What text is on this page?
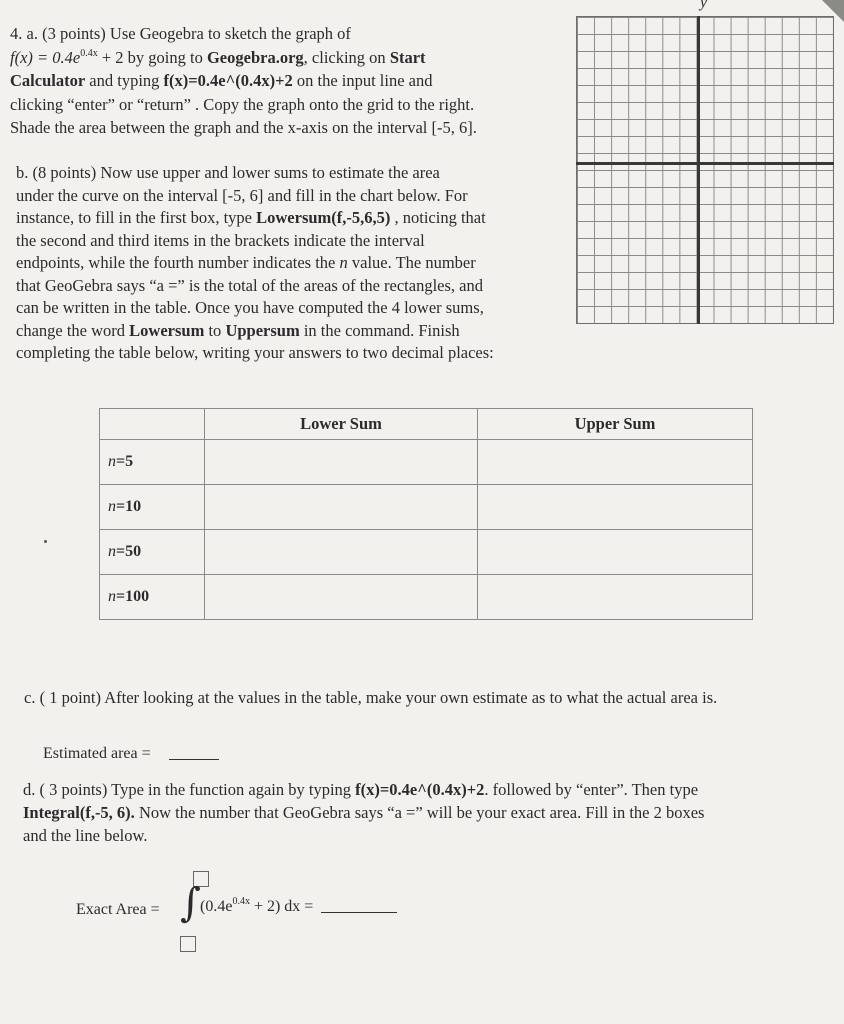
4. a. (3 points) Use Geogebra to sketch the graph of
$f(x) = 0.4e^{0.4x} + 2$ by going to Geogebra.org, clicking on Start
Calculator and typing f(x)=0.4e^(0.4x)+2 on the input line and
clicking “enter” or “return” . Copy the graph onto the grid to the right.
Shade the area between the graph and the x-axis on the interval [-5, 6].
y
b. (8 points) Now use upper and lower sums to estimate the area
under the curve on the interval [-5, 6] and fill in the chart below. For
instance, to fill in the first box, type Lowersum(f,-5,6,5) , noticing that
the second and third items in the brackets indicate the interval
endpoints, while the fourth number indicates the n value. The number
that GeoGebra says “a =” is the total of the areas of the rectangles, and
can be written in the table. Once you have computed the 4 lower sums,
change the word Lowersum to Uppersum in the command. Finish
completing the table below, writing your answers to two decimal places:
	Lower Sum	Upper Sum
n=5		
n=10		
n=50		
n=100		
c. ( 1 point) After looking at the values in the table, make your own estimate as to what the actual area is.
Estimated area =
d. ( 3 points) Type in the function again by typing f(x)=0.4e^(0.4x)+2. followed by “enter”. Then type
Integral(f,-5, 6). Now the number that GeoGebra says “a =” will be your exact area. Fill in the 2 boxes
and the line below.
Exact Area = ∫ $(0.4e^{0.4x} + 2)$ dx =
